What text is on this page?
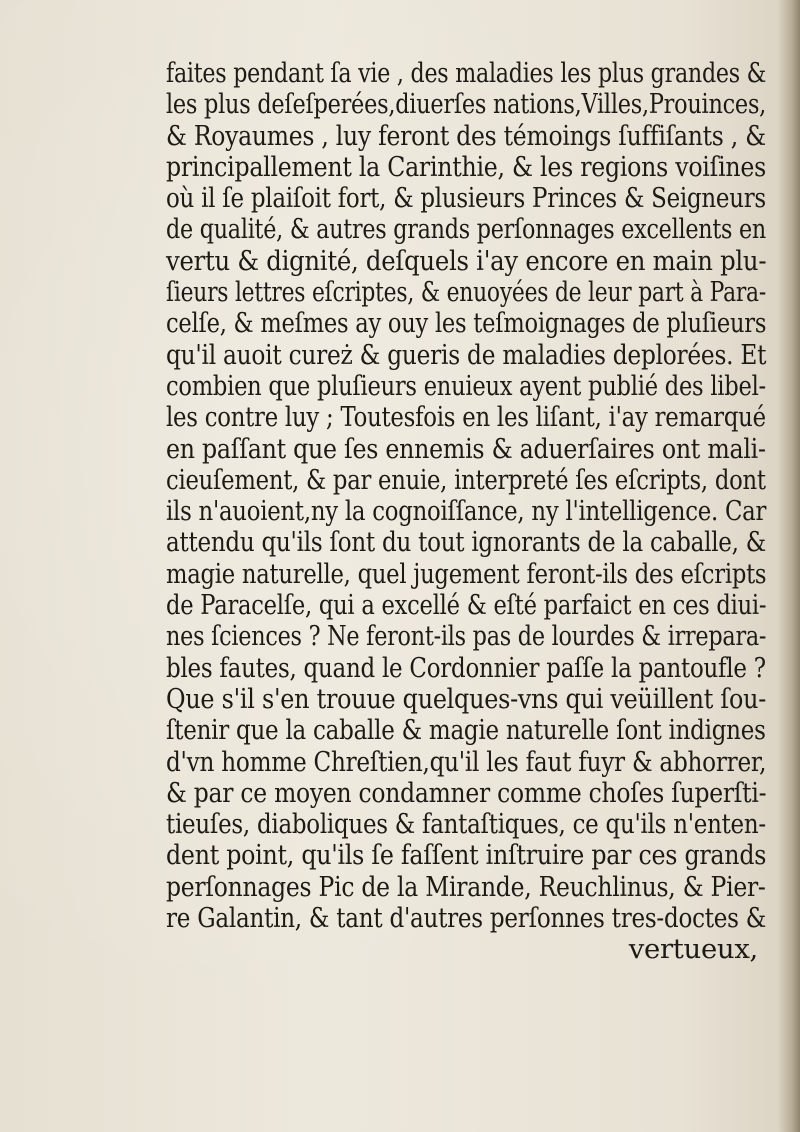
faites pendant ſa vie , des maladies les plus grandes &
les plus deſeſperées,diuerſes nations,Villes,Prouinces,
& Royaumes , luy feront des témoings ſuffiſants , &
principallement la Carinthie, & les regions voiſines
où il ſe plaiſoit fort, & plusieurs Princes & Seigneurs
de qualité, & autres grands perſonnages excellents en
vertu & dignité, deſquels i'ay encore en main plu-
ſieurs lettres eſcriptes, & enuoyées de leur part à Para-
celſe, & meſmes ay ouy les teſmoignages de pluſieurs
qu'il auoit cureż & gueris de maladies deplorées. Et
combien que pluſieurs enuieux ayent publié des libel-
les contre luy ; Toutesfois en les liſant, i'ay remarqué
en paſſant que ſes ennemis & aduerſaires ont mali-
cieuſement, & par enuie, interpreté ſes eſcripts, dont
ils n'auoient,ny la cognoiſſance, ny l'intelligence. Car
attendu qu'ils ſont du tout ignorants de la caballe, &
magie naturelle, quel jugement feront-ils des eſcripts
de Paracelſe, qui a excellé & eſté parfaict en ces diui-
nes ſciences ? Ne feront-ils pas de lourdes & irrepara-
bles fautes, quand le Cordonnier paſſe la pantoufle ?
Que s'il s'en trouue quelques-vns qui veüillent ſou-
ſtenir que la caballe & magie naturelle ſont indignes
d'vn homme Chreſtien,qu'il les faut fuyr & abhorrer,
& par ce moyen condamner comme choſes ſuperſti-
tieuſes, diaboliques & fantaſtiques, ce qu'ils n'enten-
dent point, qu'ils ſe faſſent inſtruire par ces grands
perſonnages Pic de la Mirande, Reuchlinus, & Pier-
re Galantin, & tant d'autres perſonnes tres-doctes &
vertueux,
